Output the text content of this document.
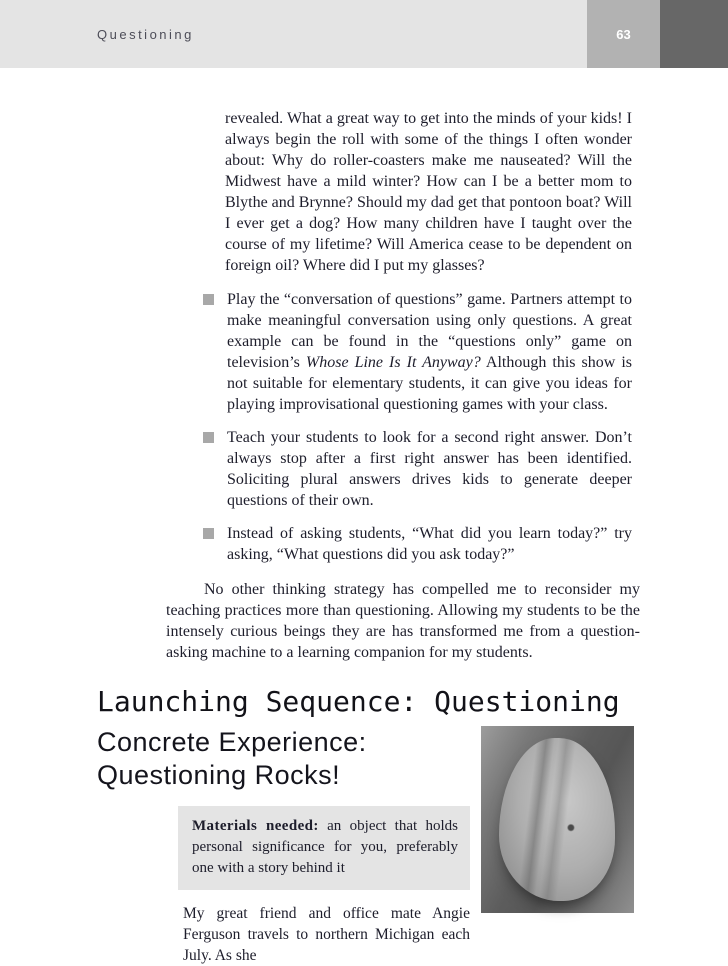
Questioning	63

revealed. What a great way to get into the minds of your kids! I always begin the roll with some of the things I often wonder about: Why do roller-coasters make me nauseated? Will the Midwest have a mild winter? How can I be a better mom to Blythe and Brynne? Should my dad get that pontoon boat? Will I ever get a dog? How many children have I taught over the course of my lifetime? Will America cease to be dependent on foreign oil? Where did I put my glasses?

Play the “conversation of questions” game. Partners attempt to make meaningful conversation using only questions. A great example can be found in the “questions only” game on television’s Whose Line Is It Anyway? Although this show is not suitable for elementary students, it can give you ideas for playing improvisational questioning games with your class.
Teach your students to look for a second right answer. Don’t always stop after a first right answer has been identified. Soliciting plural answers drives kids to generate deeper questions of their own.
Instead of asking students, “What did you learn today?” try asking, “What questions did you ask today?”

No other thinking strategy has compelled me to reconsider my teaching practices more than questioning. Allowing my students to be the intensely curious beings they are has transformed me from a question-asking machine to a learning companion for my students.

Launching Sequence: Questioning
Concrete Experience:
Questioning Rocks!
Materials needed: an object that holds personal significance for you, preferably one with a story behind it

My great friend and office mate Angie Ferguson travels to northern Michigan each July. As she
